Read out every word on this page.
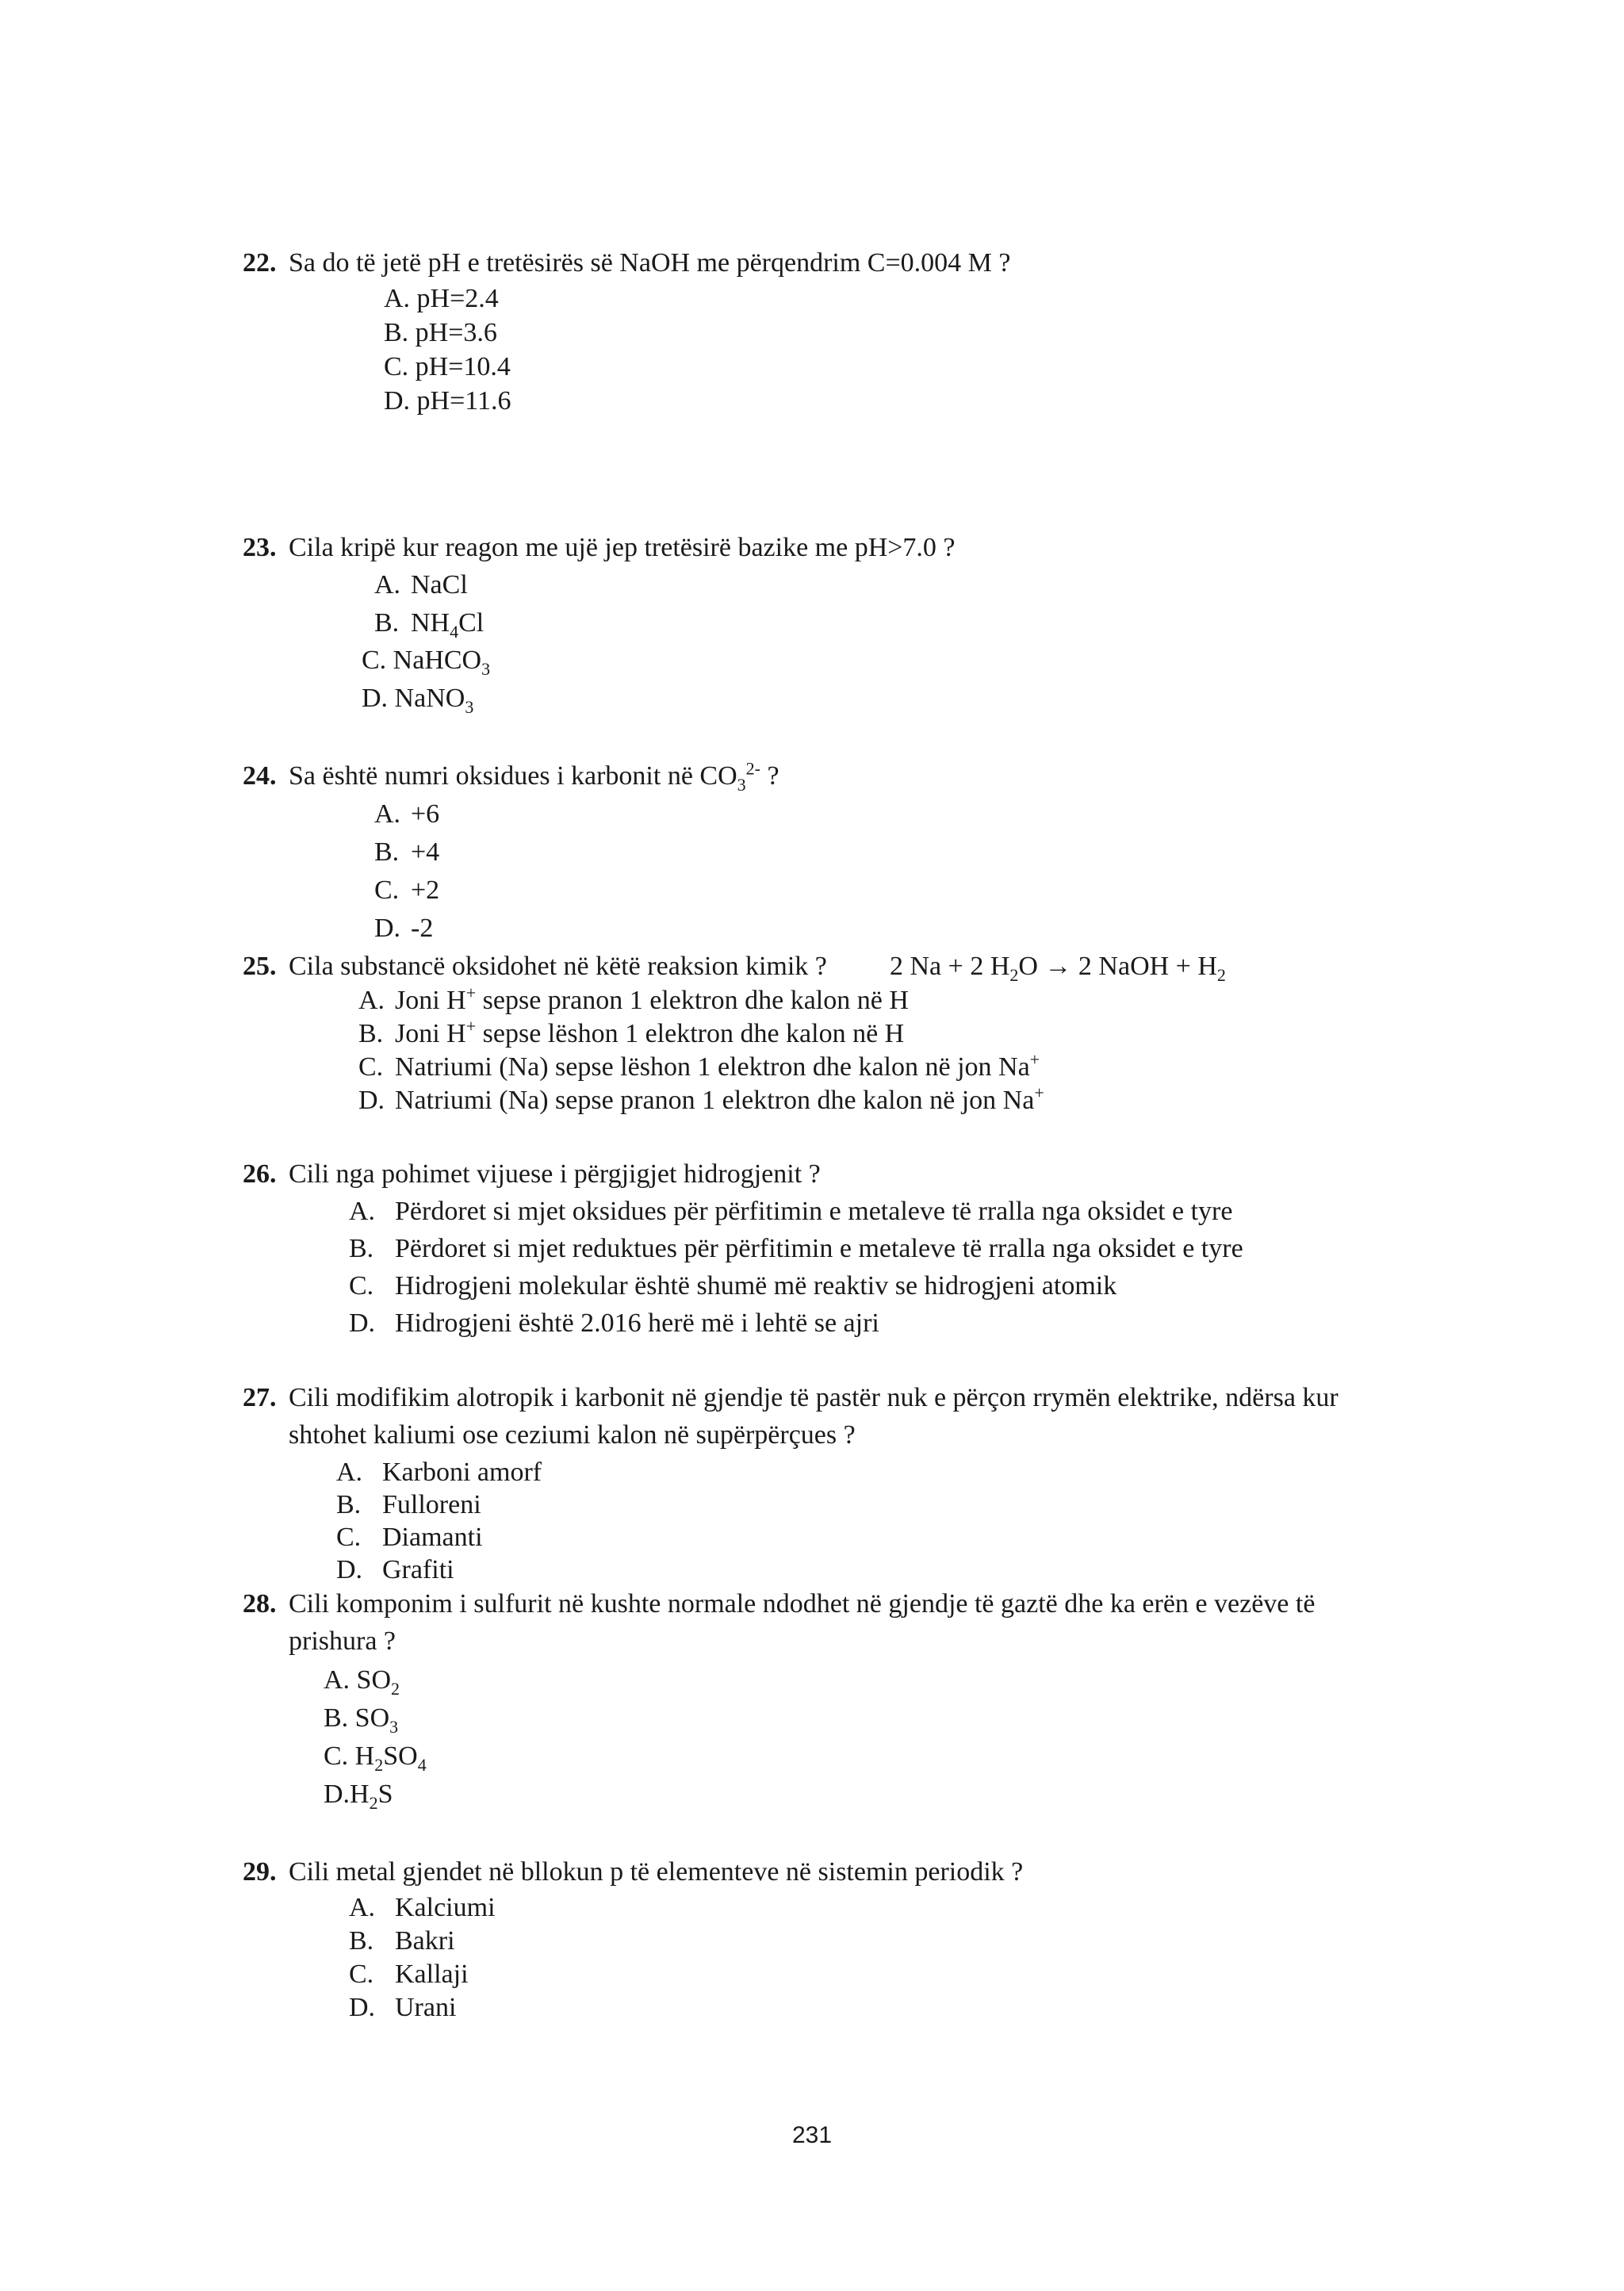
22. Sa do të jetë pH e tretësirës së NaOH me përqendrim C=0.004 M ?
A. pH=2.4
B. pH=3.6
C. pH=10.4
D. pH=11.6
23. Cila kripë kur reagon me ujë jep tretësirë bazike me pH>7.0 ?
A. NaCl
B. $NH_4Cl$
C. NaHCO$_3$
D. NaNO$_3$
24. Sa është numri oksidues i karbonit në $CO_3^{2-}$ ?
A. +6
B. +4
C. +2
D. -2
25. Cila substancë oksidohet në këtë reaksion kimik ? 2 Na + 2 $H_2O \to 2$ NaOH + $H_2$
A. Joni H+ sepse pranon 1 elektron dhe kalon në H
B. Joni H+ sepse lëshon 1 elektron dhe kalon në H
C. Natriumi (Na) sepse lëshon 1 elektron dhe kalon në jon Na+
D. Natriumi (Na) sepse pranon 1 elektron dhe kalon në jon Na+
26. Cili nga pohimet vijuese i përgjigjet hidrogjenit ?
A. Përdoret si mjet oksidues për përfitimin e metaleve të rralla nga oksidet e tyre
B. Përdoret si mjet reduktues për përfitimin e metaleve të rralla nga oksidet e tyre
C. Hidrogjeni molekular është shumë më reaktiv se hidrogjeni atomik
D. Hidrogjeni është 2.016 herë më i lehtë se ajri
27. Cili modifikim alotropik i karbonit në gjendje të pastër nuk e përçon rrymën elektrike, ndërsa kur
shtohet kaliumi ose ceziumi kalon në supërpërçues ?
A. Karboni amorf
B. Fulloreni
C. Diamanti
D. Grafiti
28. Cili komponim i sulfurit në kushte normale ndodhet në gjendje të gaztë dhe ka erën e vezëve të
prishura ?
A. $SO_2$
B. $SO_3$
C. $H_2SO_4$
$D.H_2S$
29. Cili metal gjendet në bllokun p të elementeve në sistemin periodik ?
A. Kalciumi
B. Bakri
C. Kallaji
D. Urani
231
